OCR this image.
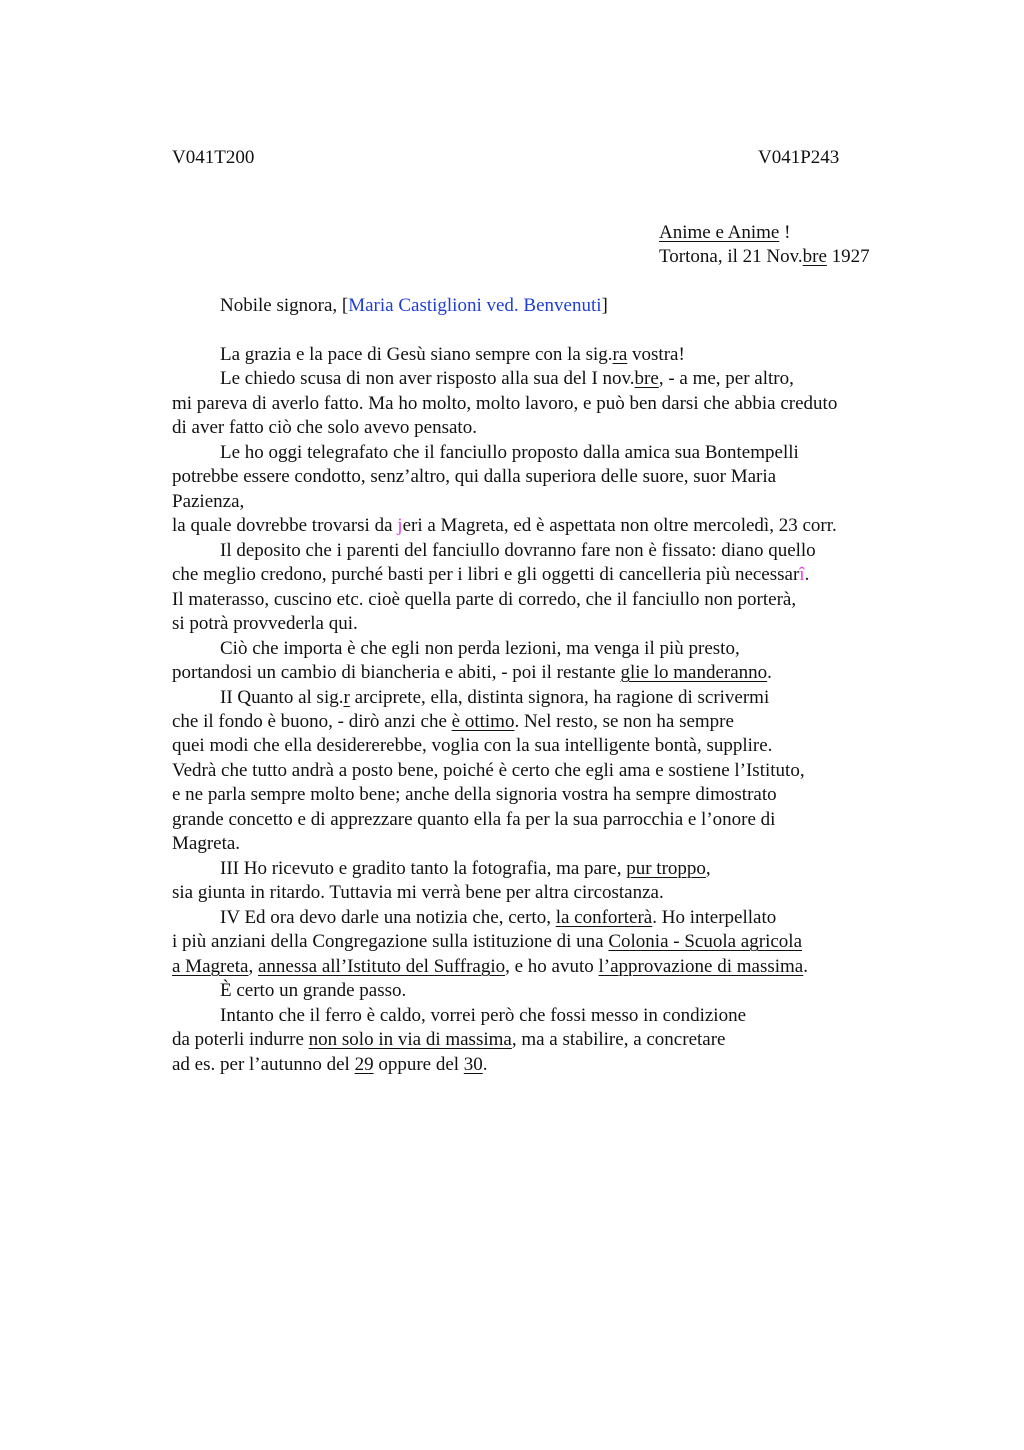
V041T200	V041P243
Anime e Anime !
Tortona, il 21 Nov.bre 1927
Nobile signora, [Maria Castiglioni ved. Benvenuti]
La grazia e la pace di Gesù siano sempre con la sig.ra vostra!
Le chiedo scusa di non aver risposto alla sua del I nov.bre, - a me, per altro,
mi pareva di averlo fatto. Ma ho molto, molto lavoro, e può ben darsi che abbia creduto
di aver fatto ciò che solo avevo pensato.
Le ho oggi telegrafato che il fanciullo proposto dalla amica sua Bontempelli
potrebbe essere condotto, senz’altro, qui dalla superiora delle suore, suor Maria
Pazienza,
la quale dovrebbe trovarsi da jeri a Magreta, ed è aspettata non oltre mercoledì, 23 corr.
Il deposito che i parenti del fanciullo dovranno fare non è fissato: diano quello
che meglio credono, purché basti per i libri e gli oggetti di cancelleria più necessarî.
Il materasso, cuscino etc. cioè quella parte di corredo, che il fanciullo non porterà,
si potrà provvederla qui.
Ciò che importa è che egli non perda lezioni, ma venga il più presto,
portandosi un cambio di biancheria e abiti, - poi il restante glie lo manderanno.
II Quanto al sig.r arciprete, ella, distinta signora, ha ragione di scrivermi
che il fondo è buono, - dirò anzi che è ottimo. Nel resto, se non ha sempre
quei modi che ella desidererebbe, voglia con la sua intelligente bontà, supplire.
Vedrà che tutto andrà a posto bene, poiché è certo che egli ama e sostiene l’Istituto,
e ne parla sempre molto bene; anche della signoria vostra ha sempre dimostrato
grande concetto e di apprezzare quanto ella fa per la sua parrocchia e l’onore di
Magreta.
III Ho ricevuto e gradito tanto la fotografia, ma pare, pur troppo,
sia giunta in ritardo. Tuttavia mi verrà bene per altra circostanza.
IV Ed ora devo darle una notizia che, certo, la conforterà. Ho interpellato
i più anziani della Congregazione sulla istituzione di una Colonia - Scuola agricola
a Magreta, annessa all’Istituto del Suffragio, e ho avuto l’approvazione di massima.
È certo un grande passo.
Intanto che il ferro è caldo, vorrei però che fossi messo in condizione
da poterli indurre non solo in via di massima, ma a stabilire, a concretare
ad es. per l’autunno del 29 oppure del 30.
